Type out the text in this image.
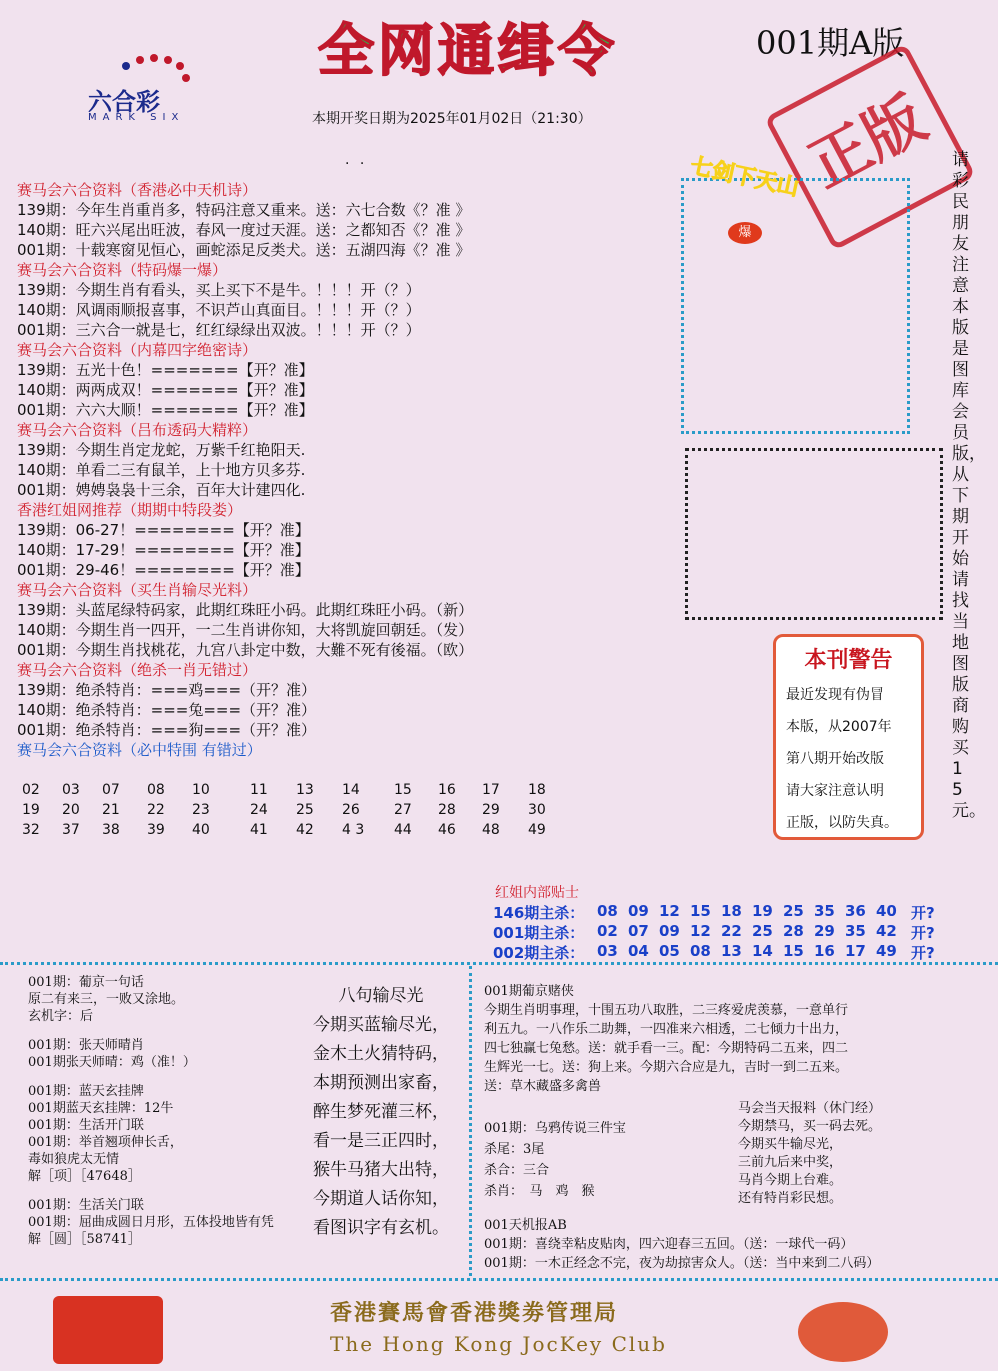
六合彩
MARK SIX
全网通缉令	001期A版
本期开奖日期为2025年01月02日（21:30）	正版
. .
赛马会六合资料（香港必中天机诗）
139期：今年生肖重肖多，特码注意又重来。送：六七合数《？准 》
140期：旺六兴尾出旺波，春风一度过天涯。送：之都知否《？准 》
001期：十载寒窗见恒心，画蛇添足反类犬。送：五湖四海《？准 》
赛马会六合资料（特码爆一爆）
139期：今期生肖有看头，买上买下不是牛。！！！开（？）
140期：风调雨顺报喜事，不识芦山真面目。！！！开（？）
001期：三六合一就是七，红红绿绿出双波。！！！开（？）
赛马会六合资料（内幕四字绝密诗）
139期：五光十色！=======【开？准】
140期：两两成双！=======【开？准】
001期：六六大顺！=======【开？准】
赛马会六合资料（吕布透码大精粹）
139期：今期生肖定龙蛇，万紫千红艳阳天.
140期：单看二三有鼠羊，上十地方贝多芬.
001期：娉娉袅袅十三余，百年大计建四化.
香港红姐网推荐（期期中特段娄）
139期：06-27！========【开？准】
140期：17-29！========【开？准】
001期：29-46！========【开？准】
赛马会六合资料（买生肖输尽光料）
139期：头蓝尾绿特码家，此期红珠旺小码。此期红珠旺小码。（新）
140期：今期生肖一四开，一二生肖讲你知，大将凯旋回朝廷。（发）
001期：今期生肖找桃花，九宫八卦定中数，大難不死有後福。（欧）
赛马会六合资料（绝杀一肖无错过）
139期：绝杀特肖：===鸡===（开？准）
140期：绝杀特肖：===兔===（开？准）
001期：绝杀特肖：===狗===（开？准）
赛马会六合资料（必中特围 有错过）
02 03 07 08 10	11 13 14 15 16 17 18
19 20 21 22 23	24 25 26 27 28 29 30
32 37 38 39 40	41 42 4 3 44 46 48 49
七剑下天山
爆
请彩民朋友注意本版是图库会员版，从下期开始请找当地图版商购买15元。
本刊警告
最近发现有伪冒
本版，从2007年
第八期开始改版
请大家注意认明
正版，以防失真。
红姐内部贴士
146期主杀： 08 09 12 15 18 19 25 35 36 40 开?
001期主杀： 02 07 09 12 22 25 28 29 35 42 开?
002期主杀： 03 04 05 08 13 14 15 16 17 49 开?
001期：葡京一句话
原二有来三，一败又涂地。
玄机字：后
001期：张天师晴肖
001期张天师晴：鸡（准！）
001期：蓝天玄挂牌
001期蓝天玄挂牌：12牛
001期：生活开门联
001期：举首翘项伸长舌，
毒如狼虎太无情
解［项］［47648］
001期：生活关门联
001期：屈曲成圆日月形，五体投地皆有凭
解［圆］［58741］
八句输尽光
今期买蓝输尽光，
金木土火猜特码，
本期预测出家畜，
醉生梦死灌三杯，
看一是三正四时，
猴牛马猪大出特，
今期道人话你知，
看图识字有玄机。
001期葡京赌侠
今期生肖明事理，十围五功八取胜，二三疼爱虎羡慕，一意单行
利五九。一八作乐二助舞，一四准来六相透，二七倾力十出力，
四七独赢七兔愁。送：就手看一三。配：今期特码二五来，四二
生辉光一七。送：狗上来。今期六合应是九，吉时一到二五来。
送：草木藏盛多禽兽
001期：乌鸦传说三件宝
杀尾：3尾
杀合：三合
杀肖：　马　鸡　猴
马会当天报料（休门经）
今期禁马，买一码去死。
今期买牛输尽光，
三前九后来中奖，
马肖今期上台难。
还有特肖彩民想。
001天机报AB
001期：喜绕幸粘皮贴肉，四六迎春三五回。（送：一球代一码）
001期：一木正经念不完，夜为劫掠害众人。（送：当中来到二八码）
香港賽馬會香港獎劵管理局
The Hong Kong JocKey Club
